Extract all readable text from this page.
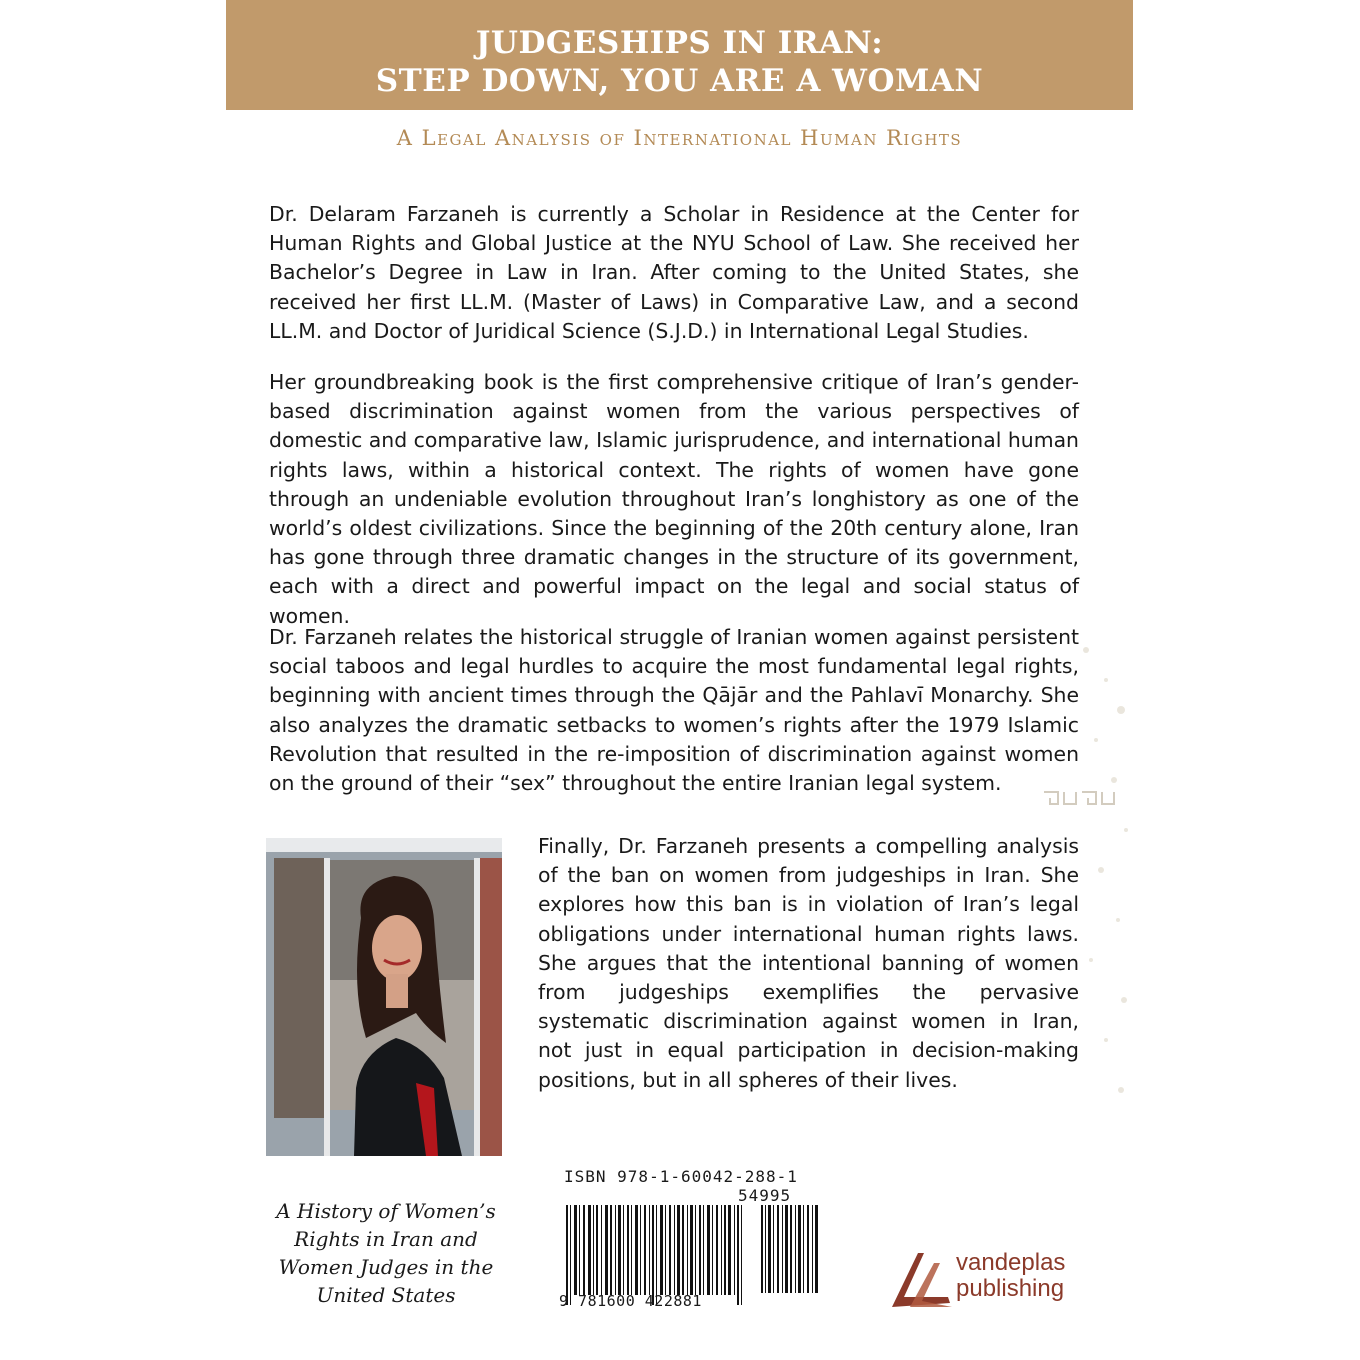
JUDGESHIPS IN IRAN:
STEP DOWN, YOU ARE A WOMAN
A Legal Analysis of International Human Rights

Dr. Delaram Farzaneh is currently a Scholar in Residence at the Center for Human Rights and Global Justice at the NYU School of Law. She received her Bachelor’s Degree in Law in Iran. After coming to the United States, she received her first LL.M. (Master of Laws) in Comparative Law, and a second LL.M. and Doctor of Juridical Science (S.J.D.) in International Legal Studies.

Her groundbreaking book is the first comprehensive critique of Iran’s gender-based discrimination against women from the various perspectives of domestic and comparative law, Islamic jurisprudence, and international human rights laws, within a historical context. The rights of women have gone through an undeniable evolution throughout Iran’s longhistory as one of the world’s oldest civilizations. Since the beginning of the 20th century alone, Iran has gone through three dramatic changes in the structure of its government, each with a direct and powerful impact on the legal and social status of women.

Dr. Farzaneh relates the historical struggle of Iranian women against persistent social taboos and legal hurdles to acquire the most fundamental legal rights, beginning with ancient times through the Qājār and the Pahlavī Monarchy. She also analyzes the dramatic setbacks to women’s rights after the 1979 Islamic Revolution that resulted in the re-imposition of discrimination against women on the ground of their “sex” throughout the entire Iranian legal system.

Finally, Dr. Farzaneh presents a compelling analysis of the ban on women from judgeships in Iran. She explores how this ban is in violation of Iran’s legal obligations under international human rights laws. She argues that the intentional banning of women from judgeships exemplifies the pervasive systematic discrimination against women in Iran, not just in equal participation in decision-making positions, but in all spheres of their lives.

A History of Women’s
Rights in Iran and
Women Judges in the
United States
ISBN 978-1-60042-288-1
54995
9 781600 422881
vandeplas
publishing
